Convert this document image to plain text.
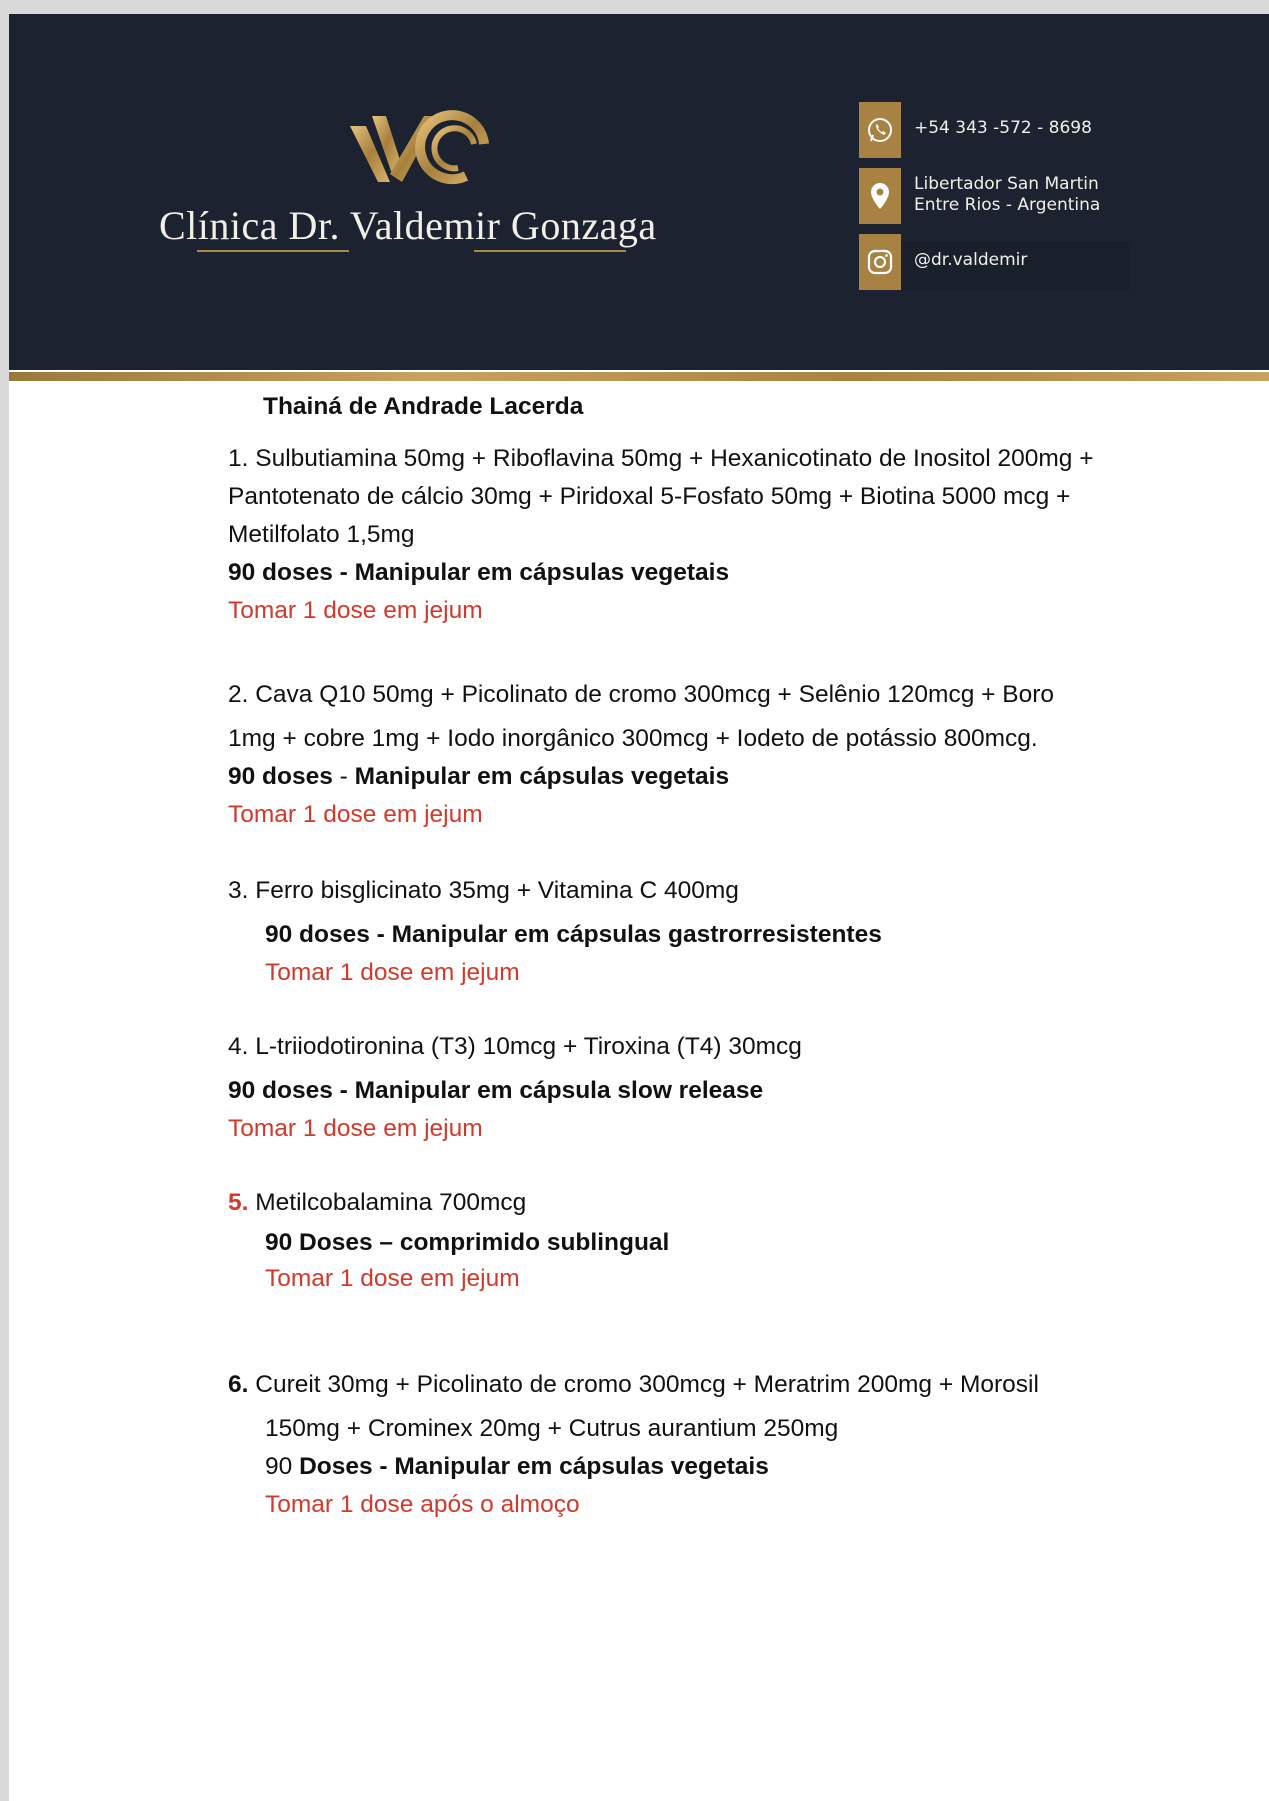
Clínica Dr. Valdemir Gonzaga
+54 343 -572 - 8698
Libertador San Martin
Entre Rios - Argentina
@dr.valdemir
Thainá de Andrade Lacerda
1. Sulbutiamina 50mg + Riboflavina 50mg + Hexanicotinato de Inositol 200mg +
Pantotenato de cálcio 30mg + Piridoxal 5-Fosfato 50mg + Biotina 5000 mcg +
Metilfolato 1,5mg
90 doses - Manipular em cápsulas vegetais
Tomar 1 dose em jejum
2. Cava Q10 50mg + Picolinato de cromo 300mcg + Selênio 120mcg + Boro
1mg + cobre 1mg + Iodo inorgânico 300mcg + Iodeto de potássio 800mcg.
90 doses - Manipular em cápsulas vegetais
Tomar 1 dose em jejum
3. Ferro bisglicinato 35mg + Vitamina C 400mg
90 doses - Manipular em cápsulas gastrorresistentes
Tomar 1 dose em jejum
4. L-triiodotironina (T3) 10mcg + Tiroxina (T4) 30mcg
90 doses - Manipular em cápsula slow release
Tomar 1 dose em jejum
5. Metilcobalamina 700mcg
90 Doses – comprimido sublingual
Tomar 1 dose em jejum
6. Cureit 30mg + Picolinato de cromo 300mcg + Meratrim 200mg + Morosil
150mg + Crominex 20mg + Cutrus aurantium 250mg
90 Doses - Manipular em cápsulas vegetais
Tomar 1 dose após o almoço
